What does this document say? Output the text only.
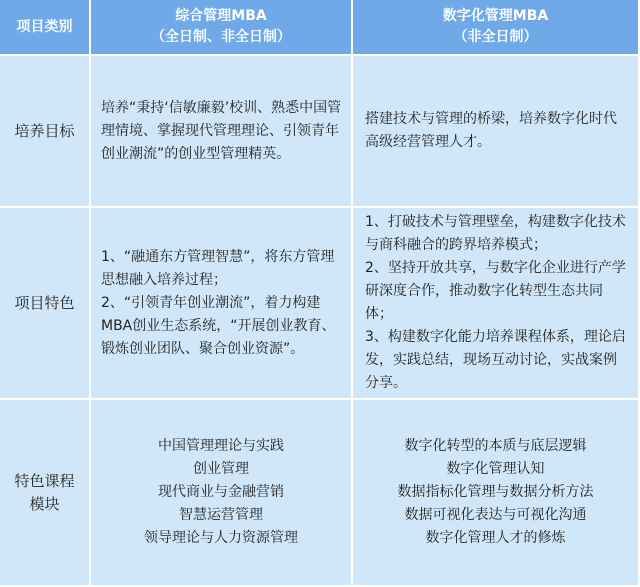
项目类别
综合管理MBA
（全日制、非全日制）
数字化管理MBA
（非全日制）
培养目标

培养“秉持‘信敏廉毅’校训、熟悉中国管理情境、掌握现代管理理论、引领青年创业潮流”的创业型管理精英。

搭建技术与管理的桥梁，培养数字化时代高级经营管理人才。

项目特色

1、“融通东方管理智慧”，将东方管理思想融入培养过程；
2、“引领青年创业潮流”，着力构建MBA创业生态系统，“开展创业教育、锻炼创业团队、聚合创业资源”。

1、打破技术与管理壁垒，构建数字化技术与商科融合的跨界培养模式；
2、坚持开放共享，与数字化企业进行产学研深度合作，推动数字化转型生态共同体；
3、构建数字化能力培养课程体系，理论启发，实践总结，现场互动讨论，实战案例分享。

特色课程
模块
中国管理理论与实践
创业管理
现代商业与金融营销
智慧运营管理
领导理论与人力资源管理
数字化转型的本质与底层逻辑
数字化管理认知
数据指标化管理与数据分析方法
数据可视化表达与可视化沟通
数字化管理人才的修炼
